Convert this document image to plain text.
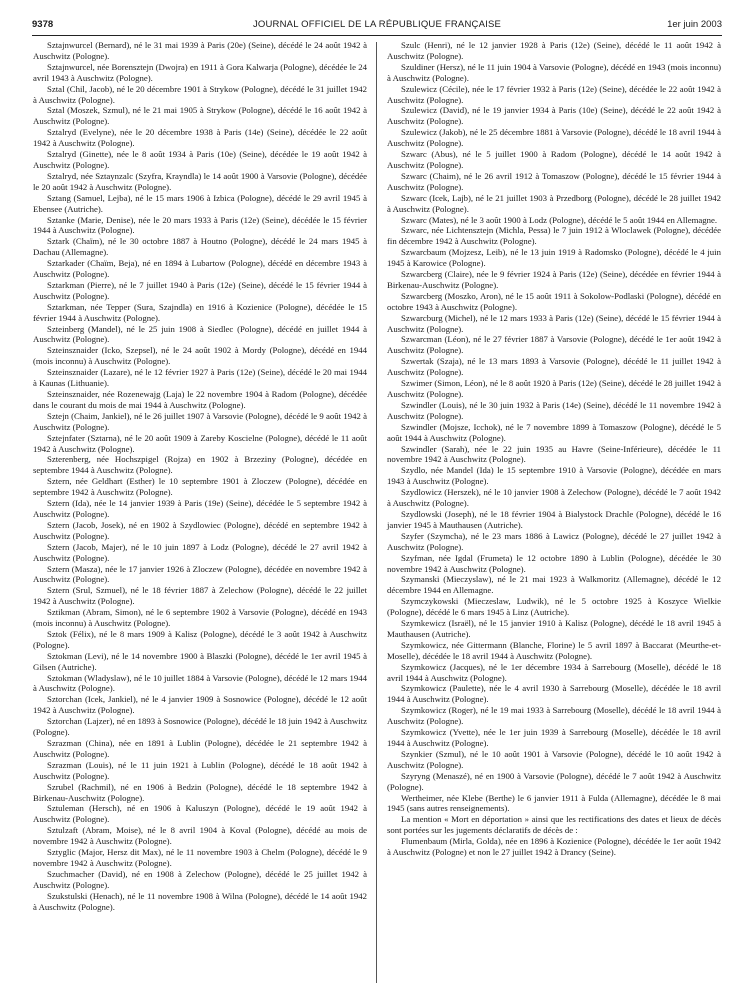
9378	JOURNAL OFFICIEL DE LA RÉPUBLIQUE FRANÇAISE	1er juin 2003

Sztajnwurcel (Bernard), né le 31 mai 1939 à Paris (20e) (Seine), décédé le 24 août 1942 à Auschwitz (Pologne).

Sztajnwurcel, née Borensztejn (Dwojra) en 1911 à Gora Kalwarja (Pologne), décédée le 24 avril 1943 à Auschwitz (Pologne).

Sztal (Chil, Jacob), né le 20 décembre 1901 à Strykow (Pologne), décédé le 31 juillet 1942 à Auschwitz (Pologne).

Sztal (Moszek, Szmul), né le 21 mai 1905 à Strykow (Pologne), décédé le 16 août 1942 à Auschwitz (Pologne).

Sztalryd (Evelyne), née le 20 décembre 1938 à Paris (14e) (Seine), décédée le 22 août 1942 à Auschwitz (Pologne).

Sztalryd (Ginette), née le 8 août 1934 à Paris (10e) (Seine), décédée le 19 août 1942 à Auschwitz (Pologne).

Sztalryd, née Sztaynzalc (Szyfra, Krayndla) le 14 août 1900 à Varsovie (Pologne), décédée le 20 août 1942 à Auschwitz (Pologne).

Sztang (Samuel, Lejba), né le 15 mars 1906 à Izbica (Pologne), décédé le 29 avril 1945 à Ebensee (Autriche).

Sztanke (Marie, Denise), née le 20 mars 1933 à Paris (12e) (Seine), décédée le 15 février 1944 à Auschwitz (Pologne).

Sztark (Chaïm), né le 30 octobre 1887 à Houtno (Pologne), décédé le 24 mars 1945 à Dachau (Allemagne).

Sztarkader (Chaïm, Beja), né en 1894 à Lubartow (Pologne), décédé en décembre 1943 à Auschwitz (Pologne).

Sztarkman (Pierre), né le 7 juillet 1940 à Paris (12e) (Seine), décédé le 15 février 1944 à Auschwitz (Pologne).

Sztarkman, née Tepper (Sura, Szajndla) en 1916 à Kozienice (Pologne), décédée le 15 février 1944 à Auschwitz (Pologne).

Szteinberg (Mandel), né le 25 juin 1908 à Siedlec (Pologne), décédé en juillet 1944 à Auschwitz (Pologne).

Szteinsznaider (Icko, Szepsel), né le 24 août 1902 à Mordy (Pologne), décédé en 1944 (mois inconnu) à Auschwitz (Pologne).

Szteinsznaider (Lazare), né le 12 février 1927 à Paris (12e) (Seine), décédé le 20 mai 1944 à Kaunas (Lithuanie).

Szteinsznaider, née Rozenewajg (Laja) le 22 novembre 1904 à Radom (Pologne), décédée dans le courant du mois de mai 1944 à Auschwitz (Pologne).

Sztejn (Chaim, Jankiel), né le 26 juillet 1907 à Varsovie (Pologne), décédé le 9 août 1942 à Auschwitz (Pologne).

Sztejnfater (Sztarna), né le 20 août 1909 à Zareby Koscielne (Pologne), décédé le 11 août 1942 à Auschwitz (Pologne).

Szterenberg, née Hochszpigel (Rojza) en 1902 à Brzeziny (Pologne), décédée en septembre 1944 à Auschwitz (Pologne).

Sztern, née Geldhart (Esther) le 10 septembre 1901 à Zloczew (Pologne), décédée en septembre 1942 à Auschwitz (Pologne).

Sztern (Ida), née le 14 janvier 1939 à Paris (19e) (Seine), décédée le 5 septembre 1942 à Auschwitz (Pologne).

Sztern (Jacob, Josek), né en 1902 à Szydlowiec (Pologne), décédé en septembre 1942 à Auschwitz (Pologne).

Sztern (Jacob, Majer), né le 10 juin 1897 à Lodz (Pologne), décédé le 27 avril 1942 à Auschwitz (Pologne).

Sztern (Masza), née le 17 janvier 1926 à Zloczew (Pologne), décédée en novembre 1942 à Auschwitz (Pologne).

Sztern (Srul, Szmuel), né le 18 février 1887 à Zelechow (Pologne), décédé le 22 juillet 1942 à Auschwitz (Pologne).

Sztikman (Abram, Simon), né le 6 septembre 1902 à Varsovie (Pologne), décédé en 1943 (mois inconnu) à Auschwitz (Pologne).

Sztok (Félix), né le 8 mars 1909 à Kalisz (Pologne), décédé le 3 août 1942 à Auschwitz (Pologne).

Sztokman (Levi), né le 14 novembre 1900 à Blaszki (Pologne), décédé le 1er avril 1945 à Gilsen (Autriche).

Sztokman (Wladyslaw), né le 10 juillet 1884 à Varsovie (Pologne), décédé le 12 mars 1944 à Auschwitz (Pologne).

Sztorchan (Icek, Jankiel), né le 4 janvier 1909 à Sosnowice (Pologne), décédé le 12 août 1942 à Auschwitz (Pologne).

Sztorchan (Lajzer), né en 1893 à Sosnowice (Pologne), décédé le 18 juin 1942 à Auschwitz (Pologne).

Szrazman (China), née en 1891 à Lublin (Pologne), décédée le 21 septembre 1942 à Auschwitz (Pologne).

Szrazman (Louis), né le 11 juin 1921 à Lublin (Pologne), décédé le 18 août 1942 à Auschwitz (Pologne).

Szrubel (Rachmil), né en 1906 à Bedzin (Pologne), décédé le 18 septembre 1942 à Birkenau-Auschwitz (Pologne).

Sztuleman (Hersch), né en 1906 à Kaluszyn (Pologne), décédé le 19 août 1942 à Auschwitz (Pologne).

Sztulzaft (Abram, Moise), né le 8 avril 1904 à Koval (Pologne), décédé au mois de novembre 1942 à Auschwitz (Pologne).

Sztyglic (Major, Hersz dit Max), né le 11 novembre 1903 à Chelm (Pologne), décédé le 9 novembre 1942 à Auschwitz (Pologne).

Szuchmacher (David), né en 1908 à Zelechow (Pologne), décédé le 25 juillet 1942 à Auschwitz (Pologne).

Szukstulski (Henach), né le 11 novembre 1908 à Wilna (Pologne), décédé le 14 août 1942 à Auschwitz (Pologne).

Szulc (Henri), né le 12 janvier 1928 à Paris (12e) (Seine), décédé le 11 août 1942 à Auschwitz (Pologne).

Szuldiner (Hersz), né le 11 juin 1904 à Varsovie (Pologne), décédé en 1943 (mois inconnu) à Auschwitz (Pologne).

Szulewicz (Cécile), née le 17 février 1932 à Paris (12e) (Seine), décédée le 22 août 1942 à Auschwitz (Pologne).

Szulewicz (David), né le 19 janvier 1934 à Paris (10e) (Seine), décédé le 22 août 1942 à Auschwitz (Pologne).

Szulewicz (Jakob), né le 25 décembre 1881 à Varsovie (Pologne), décédé le 18 avril 1944 à Auschwitz (Pologne).

Szwarc (Abus), né le 5 juillet 1900 à Radom (Pologne), décédé le 14 août 1942 à Auschwitz (Pologne).

Szwarc (Chaim), né le 26 avril 1912 à Tomaszow (Pologne), décédé le 15 février 1944 à Auschwitz (Pologne).

Szwarc (Icek, Lajb), né le 21 juillet 1903 à Przedborg (Pologne), décédé le 28 juillet 1942 à Auschwitz (Pologne).

Szwarc (Mates), né le 3 août 1900 à Lodz (Pologne), décédé le 5 août 1944 en Allemagne.

Szwarc, née Lichtensztejn (Michla, Pessa) le 7 juin 1912 à Wloclawek (Pologne), décédée fin décembre 1942 à Auschwitz (Pologne).

Szwarcbaum (Mojzesz, Leib), né le 13 juin 1919 à Radomsko (Pologne), décédé le 4 juin 1945 à Karowice (Pologne).

Szwarcberg (Claire), née le 9 février 1924 à Paris (12e) (Seine), décédée en février 1944 à Birkenau-Auschwitz (Pologne).

Szwarcberg (Moszko, Aron), né le 15 août 1911 à Sokolow-Podlaski (Pologne), décédé en octobre 1943 à Auschwitz (Pologne).

Szwarcburg (Michel), né le 12 mars 1933 à Paris (12e) (Seine), décédé le 15 février 1944 à Auschwitz (Pologne).

Szwarcman (Léon), né le 27 février 1887 à Varsovie (Pologne), décédé le 1er août 1942 à Auschwitz (Pologne).

Szwertak (Szaja), né le 13 mars 1893 à Varsovie (Pologne), décédé le 11 juillet 1942 à Auschwitz (Pologne).

Szwimer (Simon, Léon), né le 8 août 1920 à Paris (12e) (Seine), décédé le 28 juillet 1942 à Auschwitz (Pologne).

Szwindler (Louis), né le 30 juin 1932 à Paris (14e) (Seine), décédé le 11 novembre 1942 à Auschwitz (Pologne).

Szwindler (Mojsze, Icchok), né le 7 novembre 1899 à Tomaszow (Pologne), décédé le 5 août 1944 à Auschwitz (Pologne).

Szwindler (Sarah), née le 22 juin 1935 au Havre (Seine-Inférieure), décédée le 11 novembre 1942 à Auschwitz (Pologne).

Szydlo, née Mandel (Ida) le 15 septembre 1910 à Varsovie (Pologne), décédée en mars 1943 à Auschwitz (Pologne).

Szydlowicz (Herszek), né le 10 janvier 1908 à Zelechow (Pologne), décédé le 7 août 1942 à Auschwitz (Pologne).

Szydlowski (Joseph), né le 18 février 1904 à Bialystock Drachle (Pologne), décédé le 16 janvier 1945 à Mauthausen (Autriche).

Szyfer (Szymcha), né le 23 mars 1886 à Lawicz (Pologne), décédé le 27 juillet 1942 à Auschwitz (Pologne).

Szyfman, née Igdal (Frumeta) le 12 octobre 1890 à Lublin (Pologne), décédée le 30 novembre 1942 à Auschwitz (Pologne).

Szymanski (Mieczyslaw), né le 21 mai 1923 à Walkmoritz (Allemagne), décédé le 12 décembre 1944 en Allemagne.

Szymczykowski (Mieczeslaw, Ludwik), né le 5 octobre 1925 à Koszyce Wielkie (Pologne), décédé le 6 mars 1945 à Linz (Autriche).

Szymkewicz (Israël), né le 15 janvier 1910 à Kalisz (Pologne), décédé le 18 avril 1945 à Mauthausen (Autriche).

Szymkowicz, née Gittermann (Blanche, Florine) le 5 avril 1897 à Baccarat (Meurthe-et-Moselle), décédée le 18 avril 1944 à Auschwitz (Pologne).

Szymkowicz (Jacques), né le 1er décembre 1934 à Sarrebourg (Moselle), décédé le 18 avril 1944 à Auschwitz (Pologne).

Szymkowicz (Paulette), née le 4 avril 1930 à Sarrebourg (Moselle), décédée le 18 avril 1944 à Auschwitz (Pologne).

Szymkowicz (Roger), né le 19 mai 1933 à Sarrebourg (Moselle), décédé le 18 avril 1944 à Auschwitz (Pologne).

Szymkowicz (Yvette), née le 1er juin 1939 à Sarrebourg (Moselle), décédée le 18 avril 1944 à Auschwitz (Pologne).

Szynkier (Szmul), né le 10 août 1901 à Varsovie (Pologne), décédé le 10 août 1942 à Auschwitz (Pologne).

Szyryng (Menaszé), né en 1900 à Varsovie (Pologne), décédé le 7 août 1942 à Auschwitz (Pologne).

Wertheimer, née Klebe (Berthe) le 6 janvier 1911 à Fulda (Allemagne), décédée le 8 mai 1945 (sans autres renseignements).

La mention « Mort en déportation » ainsi que les rectifications des dates et lieux de décès sont portées sur les jugements déclaratifs de décès de :

Flumenbaum (Mirla, Golda), née en 1896 à Kozienice (Pologne), décédée le 1er août 1942 à Auschwitz (Pologne) et non le 27 juillet 1942 à Drancy (Seine).
